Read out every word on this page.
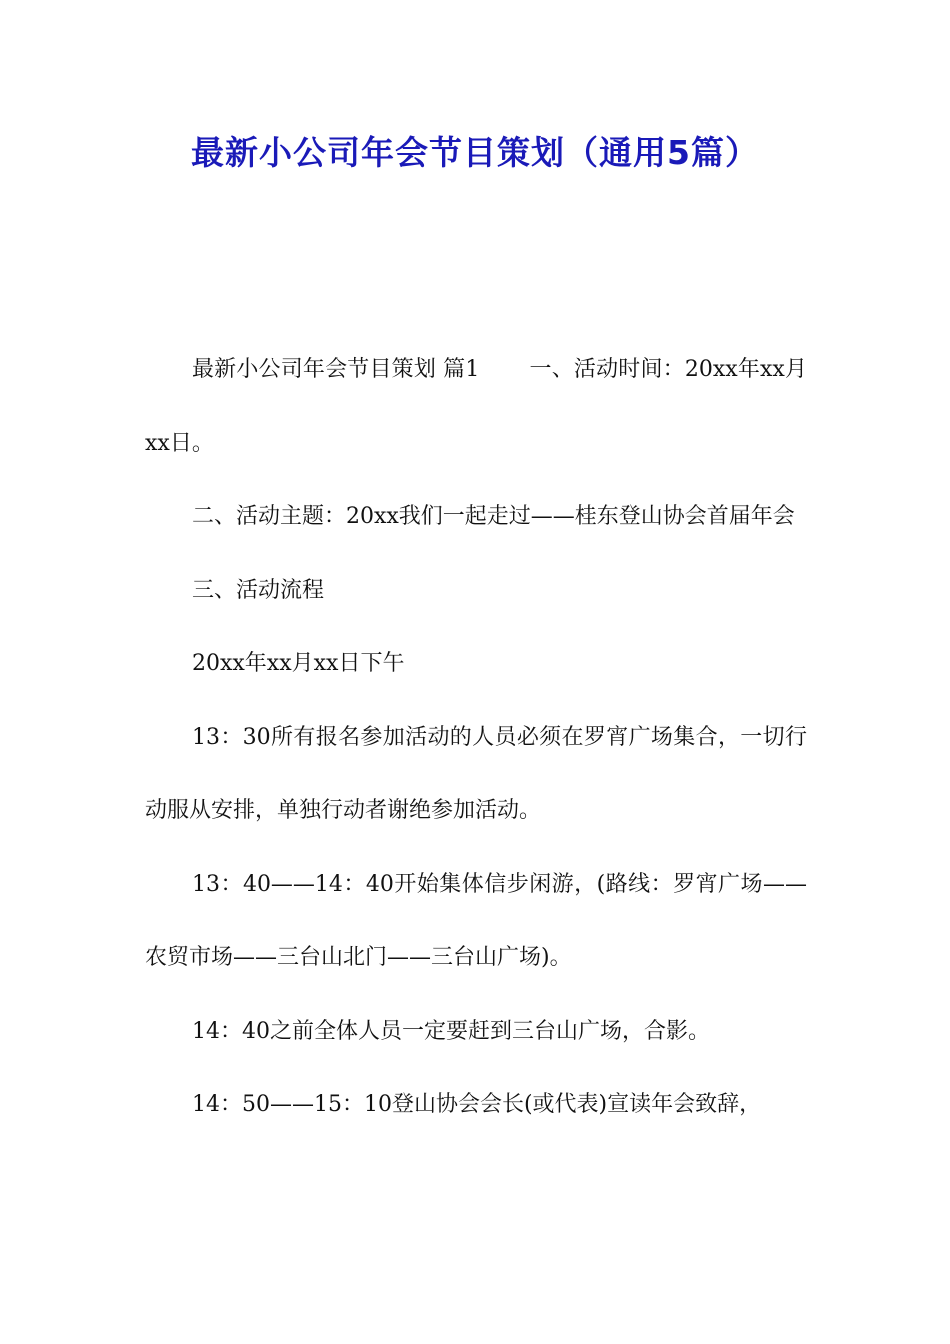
最新小公司年会节目策划（通用5篇）

最新小公司年会节目策划 篇1 一、活动时间：20xx年xx月xx日。

二、活动主题：20xx我们一起走过——桂东登山协会首届年会

三、活动流程

20xx年xx月xx日下午

13：30所有报名参加活动的人员必须在罗宵广场集合，一切行动服从安排，单独行动者谢绝参加活动。

13：40——14：40开始集体信步闲游，(路线：罗宵广场——农贸市场——三台山北门——三台山广场)。

14：40之前全体人员一定要赶到三台山广场，合影。

14：50——15：10登山协会会长(或代表)宣读年会致辞，
